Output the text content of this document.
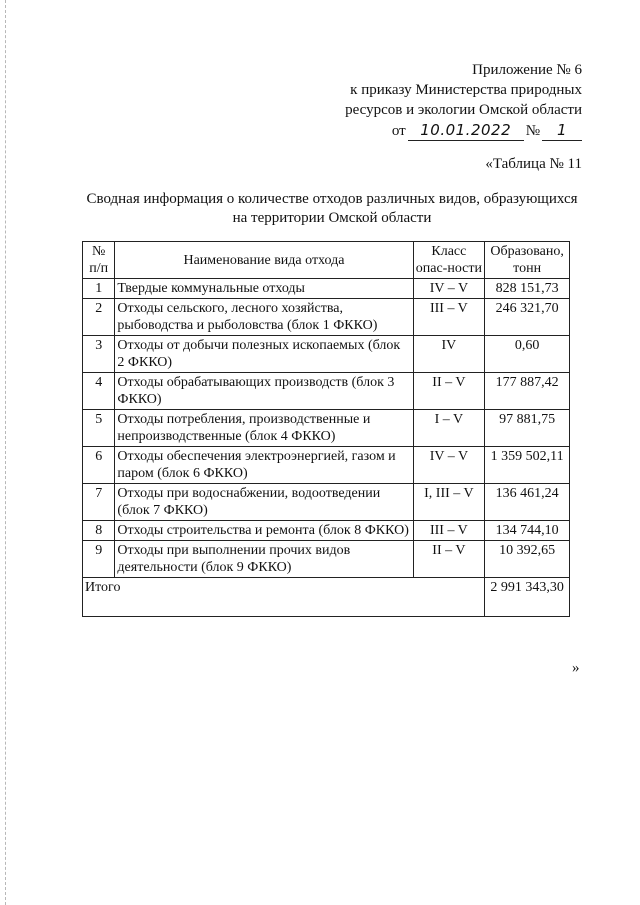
Приложение № 6
к приказу Министерства природных
ресурсов и экологии Омской области
от 10.01.2022 №	1
«Таблица № 11
Сводная информация о количестве отходов различных видов, образующихся на территории Омской области
№ п/п	Наименование вида отхода	Класс опас-ности	Образовано, тонн
1	Твердые коммунальные отходы	IV – V	828 151,73
2	Отходы сельского, лесного хозяйства, рыбоводства и рыболовства (блок 1 ФККО)	III – V	246 321,70
3	Отходы от добычи полезных ископаемых (блок 2 ФККО)	IV	0,60
4	Отходы обрабатывающих производств (блок 3 ФККО)	II – V	177 887,42
5	Отходы потребления, производственные и непроизводственные (блок 4 ФККО)	I – V	97 881,75
6	Отходы обеспечения электроэнергией, газом и паром (блок 6 ФККО)	IV – V	1 359 502,11
7	Отходы при водоснабжении, водоотведении (блок 7 ФККО)	I, III – V	136 461,24
8	Отходы строительства и ремонта (блок 8 ФККО)	III – V	134 744,10
9	Отходы при выполнении прочих видов деятельности (блок 9 ФККО)	II – V	10 392,65
Итого			2 991 343,30
»
